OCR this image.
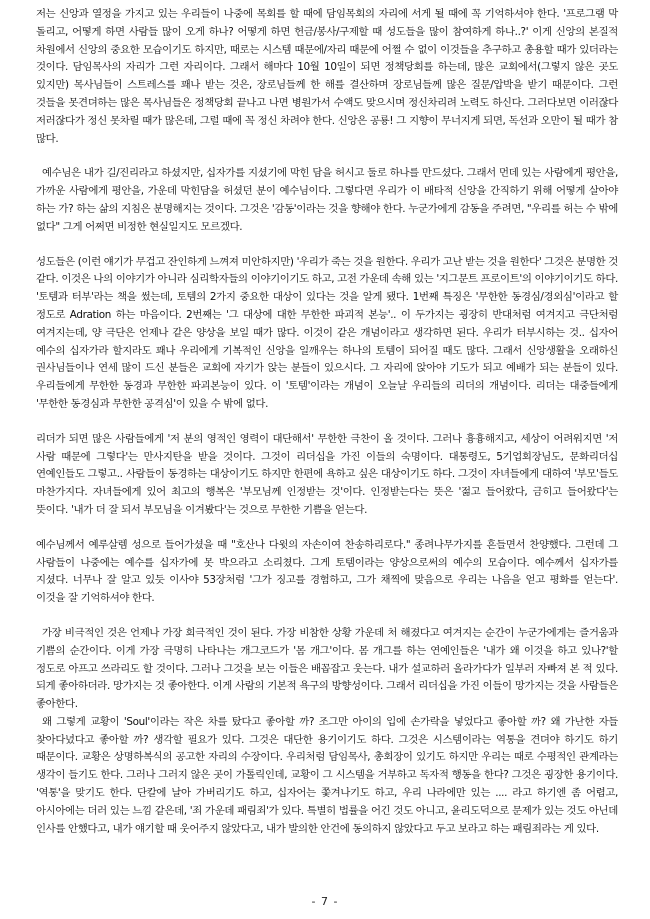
저는 신앙과 열정을 가지고 있는 우리들이 나중에 목회를 할 때에 담임목회의 자리에 서게 될 때에 꼭 기억하셔야 한다. '프로그램 막 돌리고, 어떻게 하면 사람들 많이 오게 하나? 어떻게 하면 헌금/봉사/구제할 때 성도들을 많이 참여하게 하나..?' 이게 신앙의 본질적 차원에서 신앙의 중요한 모습이기도 하지만, 때로는 시스템 때문에/자리 때문에 어쩔 수 없이 이것들을 추구하고 총용할 때가 있더라는 것이다. 담임목사의 자리가 그런 자리이다. 그래서 해마다 10월 10일이 되면 정책당회를 하는데, 많은 교회에서(그렇지 않은 곳도 있지만) 목사님들이 스트레스를 꽤나 받는 것은, 장로님들께 한 해를 결산하며 장로님들께 많은 질문/압박을 받기 때문이다. 그런 것들을 못견뎌하는 많은 목사님들은 정책당회 끝나고 나면 병원가서 수액도 맞으시며 정신차리려 노력도 하신다. 그러다보면 이러잖다 저러잖다가 정신 못차릴 때가 많은데, 그럴 때에 꼭 정신 차려야 한다. 신앙은 공룡! 그 지향이 무너지게 되면, 독선과 오만이 될 때가 참 많다.

예수님은 내가 길/진리라고 하셨지만, 십자가를 지셨기에 막힌 담을 허시고 둘로 하나를 만드셨다. 그래서 먼데 있는 사람에게 평안을, 가까운 사람에게 평안을, 가운데 막힌담을 허셨던 분이 예수님이다. 그렇다면 우리가 이 배타적 신앙을 간직하기 위해 어떻게 살아야 하는 가? 하는 삶의 지침은 분명해지는 것이다. 그것은 '감동'이라는 것을 향해야 한다. 누군가에게 감동을 주려면, "우리를 허는 수 밖에 없다" 그게 어쩌면 비정한 현실일지도 모르겠다.

성도들은 (이런 얘기가 무겁고 잔인하게 느껴져 미안하지만) '우리가 죽는 것을 원한다. 우리가 고난 받는 것을 원한다' 그것은 분명한 것 같다. 이것은 나의 이야기가 아니라 심리학자들의 이야기이기도 하고, 고전 가운데 속해 있는 '지그문트 프로이트'의 이야기이기도 하다. '토템과 터부'라는 책을 썼는데, 토템의 2가지 중요한 대상이 있다는 것을 알게 됐다. 1번째 특징은 '무한한 동경심/경외심'이라고 할 정도로 Adration 하는 마음이다. 2번째는 '그 대상에 대한 무한한 파괴적 본능'.. 이 두가지는 굉장히 반대처럼 여겨지고 극단처럼 여겨지는데, 양 극단은 언제나 같은 양상을 보일 때가 많다. 이것이 같은 개념이라고 생각하면 된다. 우리가 터부시하는 것.. 십자어 예수의 십자가라 할지라도 꽤나 우리에게 기복적인 신앙을 일깨우는 하나의 토템이 되어질 때도 많다. 그래서 신앙생활을 오래하신 권사님들이나 연세 많이 드신 분들은 교회에 자기가 앉는 분들이 있으시다. 그 자리에 앉아야 기도가 되고 예배가 되는 분들이 있다. 우리들에게 무한한 동경과 무한한 파괴본능이 있다. 이 '토템'이라는 개념이 오늘날 우리들의 리더의 개념이다. 리더는 대중들에게 '무한한 동경심과 무한한 공격심'이 있을 수 밖에 없다.

리더가 되면 많은 사람들에게 '저 분의 영적인 영력이 대단해서' 무한한 극찬이 올 것이다. 그러나 흉흉해지고, 세상이 어려워지면 '저 사람 때문에 그렇다'는 만사지탄을 받을 것이다. 그것이 리더십을 가진 이들의 숙명이다. 대통령도, 5기업회장님도, 문화리더십 연예인들도 그렇고.. 사람들이 동경하는 대상이기도 하지만 한편에 욕하고 싶은 대상이기도 하다. 그것이 자녀들에게 대하여 '부모'들도 마찬가지다. 자녀들에게 있어 최고의 행복은 '부모님께 인정받는 것'이다. 인정받는다는 뜻은 '젊고 들어왔다, 금히고 들어왔다'는 뜻이다. '내가 더 잘 되서 부모님을 이겨봤다'는 것으로 무한한 기쁨을 얻는다.

예수님께서 예루살렘 성으로 들어가셨을 때 "호산나 다윗의 자손이여 찬송하리로다." 종려나무가지를 흔들면서 찬양했다. 그런데 그 사람들이 나중에는 예수를 십자가에 못 박으라고 소리쳤다. 그게 토템이라는 양상으로써의 예수의 모습이다. 예수께서 십자가를 지셨다. 너무나 잘 알고 있듯 이사야 53장처럼 '그가 징고를 경험하고, 그가 채찍에 맞음으로 우리는 나음을 얻고 평화를 얻는다'. 이것을 잘 기억하셔야 한다.

가장 비극적인 것은 언제나 가장 희극적인 것이 된다. 가장 비참한 상황 가운데 처 해졌다고 여겨지는 순간이 누군가에게는 즐거움과 기쁨의 순간이다. 이게 가장 극명히 나타나는 개그코드가 '몸 개그'이다. 몸 개그를 하는 연예인들은 '내가 왜 이것을 하고 있나?'할 정도로 아프고 쓰라리도 할 것이다. 그러나 그것을 보는 이들은 배꼽잡고 웃는다. 내가 설교하러 올라가다가 일부러 자빠져 본 적 있다. 되게 좋아하더라. 망가지는 것 좋아한다. 이게 사람의 기본적 욕구의 방향성이다. 그래서 리더십을 가진 이들이 망가지는 것을 사람들은 좋아한다.

왜 그렇게 교황이 'Soul'이라는 작은 차를 탔다고 좋아할 까? 조그만 아이의 입에 손가락을 넣었다고 좋아할 까? 왜 가난한 자들 찾아다녔다고 좋아할 까? 생각할 필요가 있다. 그것은 대단한 용기이기도 하다. 그것은 시스템이라는 역통을 견뎌야 하기도 하기 때문이다. 교황은 상명하복식의 공고한 자리의 수장이다. 우리처럼 담임목사, 총회장이 있기도 하지만 우리는 때로 수평적인 관계라는 생각이 들기도 한다. 그러나 그러지 않은 곳이 가톨릭인데, 교황이 그 시스템을 거부하고 독자적 행동을 한다? 그것은 굉장한 용기이다. '역통'을 맞기도 한다. 단칼에 날아 가버리기도 하고, 십자어는 쫓겨나기도 하고, 우리 나라에만 있는 .... 라고 하기엔 좀 어렵고, 아시아에는 더러 있는 느낌 같은데, '죄 가운데 패림죄'가 있다. 특별히 법률을 어긴 것도 아니고, 윤리도덕으로 문제가 있는 것도 아닌데 인사를 안했다고, 내가 얘기할 때 웃어주지 않았다고, 내가 발의한 안건에 동의하지 않았다고 두고 보라고 하는 패림죄라는 게 있다.

- 7 -
